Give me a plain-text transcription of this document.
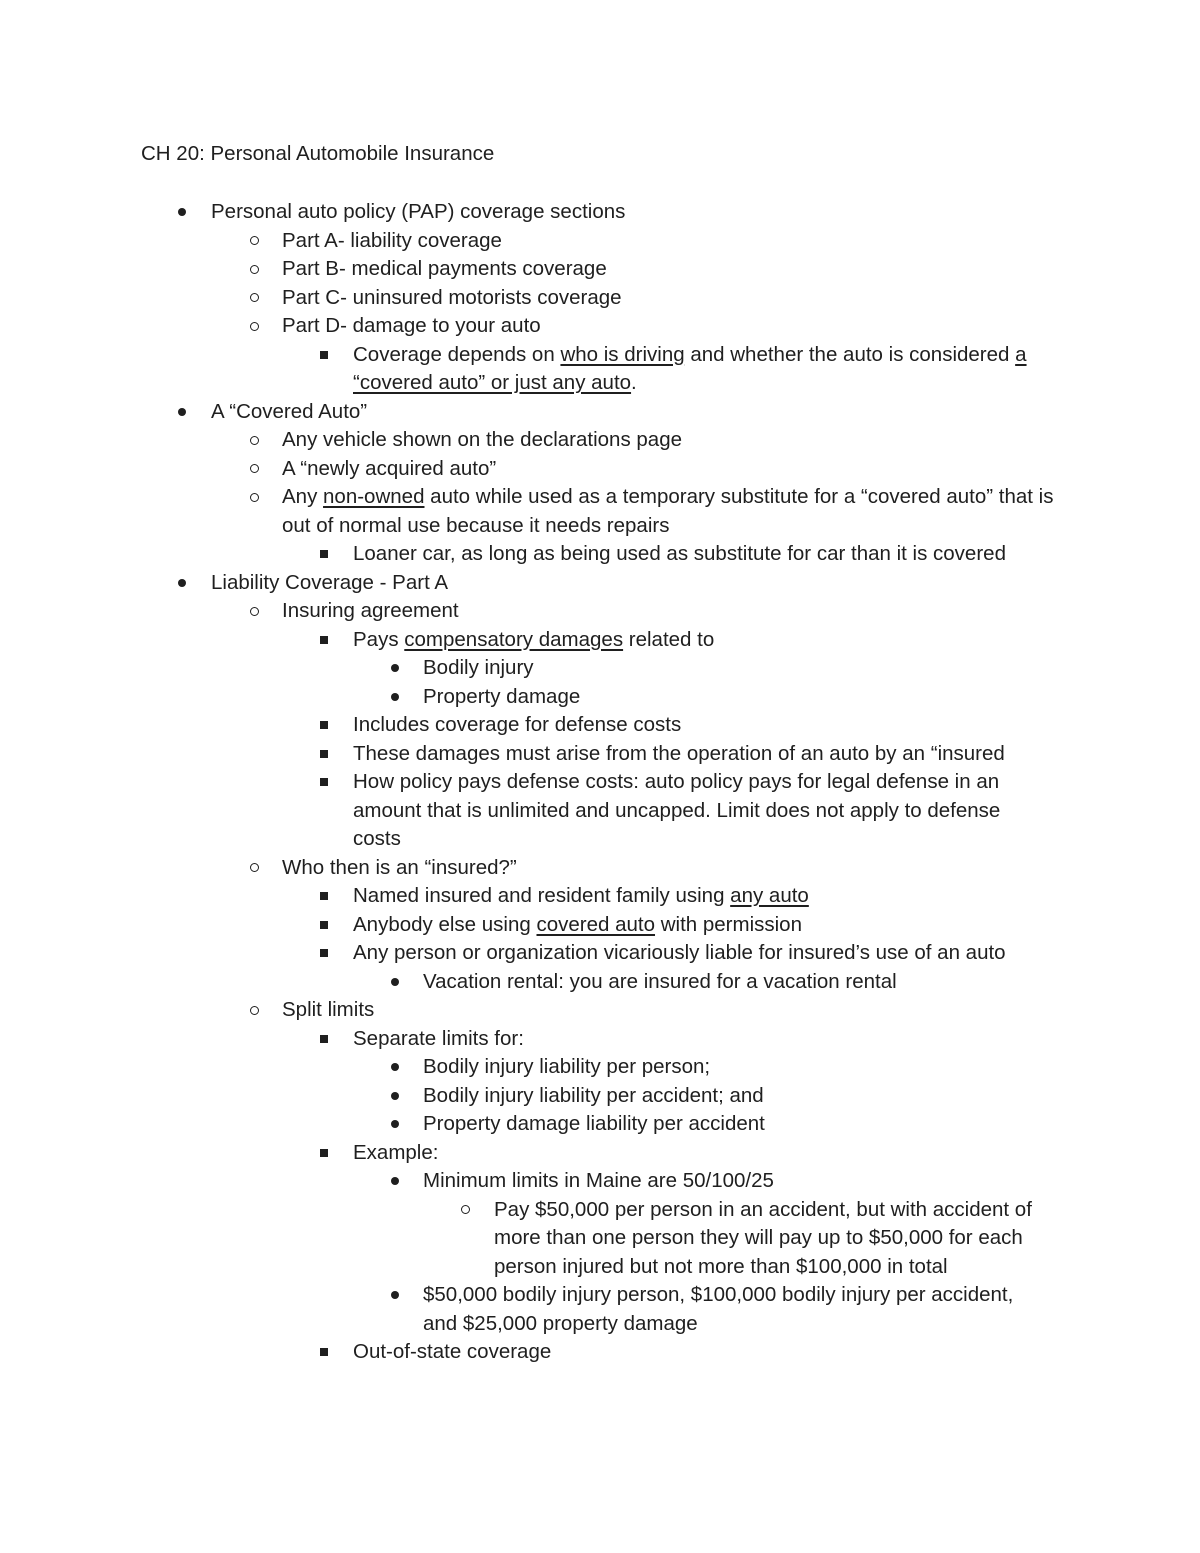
CH 20: Personal Automobile Insurance
Personal auto policy (PAP) coverage sections
Part A- liability coverage
Part B- medical payments coverage
Part C- uninsured motorists coverage
Part D- damage to your auto
Coverage depends on who is driving and whether the auto is considered a “covered auto” or just any auto.
A “Covered Auto”
Any vehicle shown on the declarations page
A “newly acquired auto”
Any non-owned auto while used as a temporary substitute for a “covered auto” that is out of normal use because it needs repairs
Loaner car, as long as being used as substitute for car than it is covered
Liability Coverage - Part A
Insuring agreement
Pays compensatory damages related to
Bodily injury
Property damage
Includes coverage for defense costs
These damages must arise from the operation of an auto by an “insured
How policy pays defense costs: auto policy pays for legal defense in an amount that is unlimited and uncapped. Limit does not apply to defense costs
Who then is an “insured?”
Named insured and resident family using any auto
Anybody else using covered auto with permission
Any person or organization vicariously liable for insured’s use of an auto
Vacation rental: you are insured for a vacation rental
Split limits
Separate limits for:
Bodily injury liability per person;
Bodily injury liability per accident; and
Property damage liability per accident
Example:
Minimum limits in Maine are 50/100/25
Pay $50,000 per person in an accident, but with accident of more than one person they will pay up to $50,000 for each person injured but not more than $100,000 in total
$50,000 bodily injury person, $100,000 bodily injury per accident, and $25,000 property damage
Out-of-state coverage
